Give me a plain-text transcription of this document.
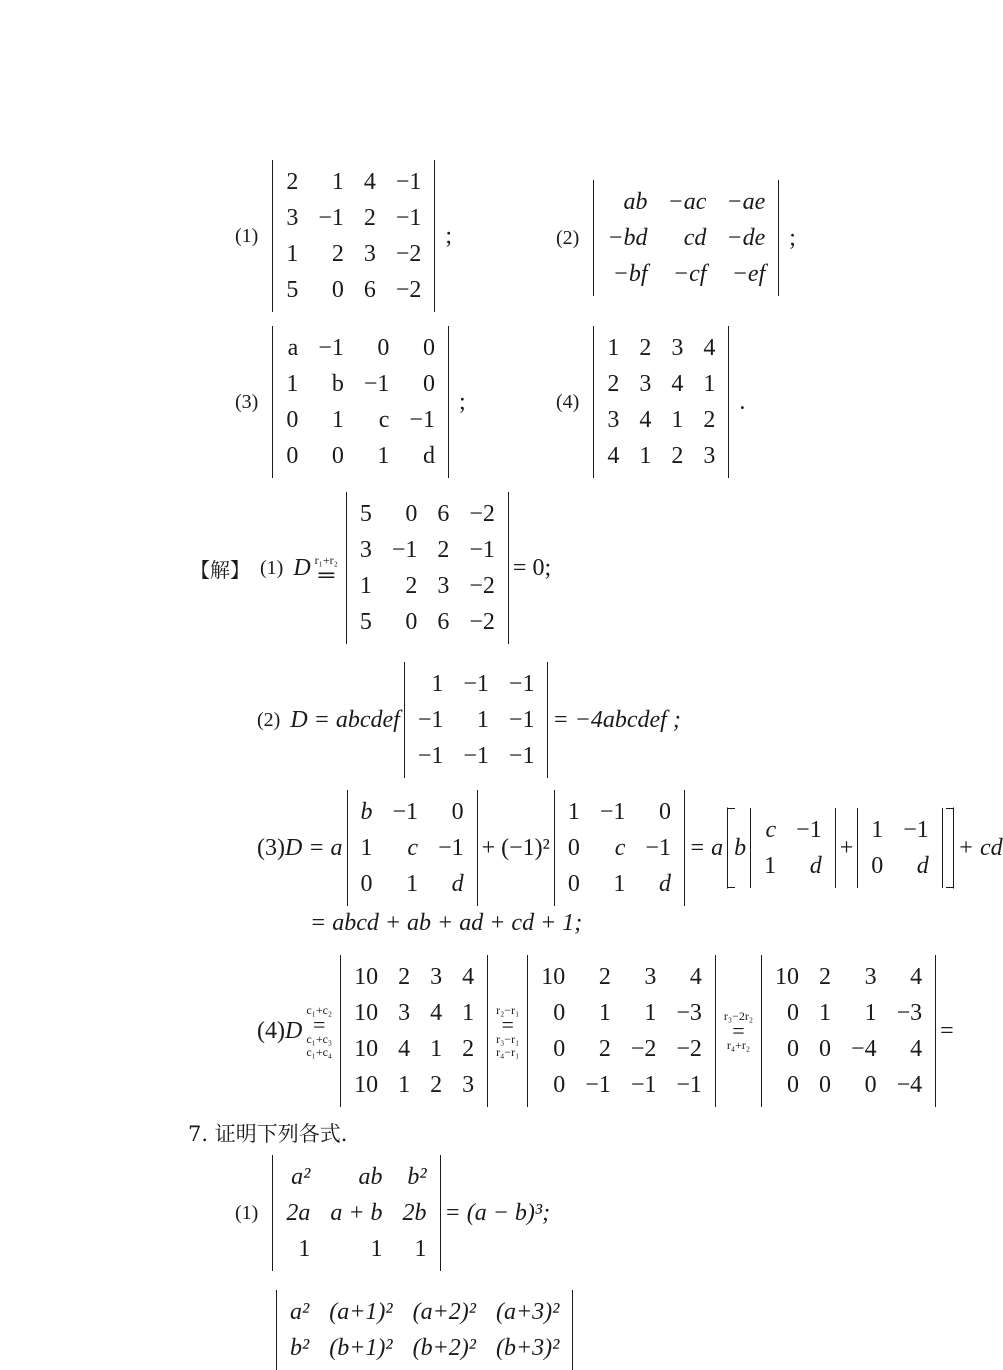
(1)
2	1	4	−1
3	−1	2	−1
1	2	3	−2
5	0	6	−2
;	(2)
ab	−ac	−ae
−bd	cd	−de
−bf	−cf	−ef
;
(3)
a	−1	0	0
1	b	−1	0
0	1	c	−1
0	0	1	d
;	(4)
1	2	3	4
2	3	4	1
3	4	1	2
4	1	2	3
.
【解】 (1) D r₁+r₂
═
5	0	6	−2
3	−1	2	−1
1	2	3	−2
5	0	6	−2
= 0;
(2) D = abcdef
1	−1	−1
−1	1	−1
−1	−1	−1
= −4abcdef ;
(3) D = a
b	−1	0
1	c	−1
0	1	d
+ (−1)²
1	−1	0
0	c	−1
0	1	d
= a b
c	−1
1	d
+
1	−1
0	d
+ cd
= abcd + ab + ad + cd + 1;
(4) D
c₁+c₂
=
c₁+c₃
c₁+c₄
10	2	3	4
10	3	4	1
10	4	1	2
10	1	2	3
r₂−r₁
=
r₃−r₁
r₄−r₁
10	2	3	4
0	1	1	−3
0	2	−2	−2
0	−1	−1	−1
r₃−2r₂
=
r₄+r₂
10	2	3	4
0	1	1	−3
0	0	−4	4
0	0	0	−4
=
7. 证明下列各式.
(1)
a²	ab	b²
2a	a + b	2b
1	1	1
= (a − b)³;
a²	(a+1)²	(a+2)²	(a+3)²
b²	(b+1)²	(b+2)²	(b+3)²
